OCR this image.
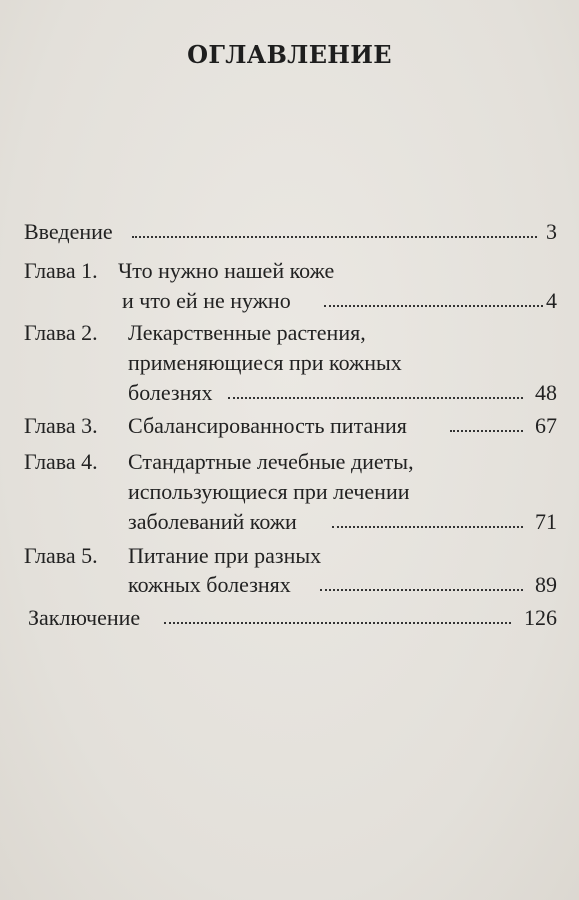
ОГЛАВЛЕНИЕ
Введение	3
Глава 1. Что нужно нашей коже
и что ей не нужно	4
Глава 2. Лекарственные растения,
применяющиеся при кожных
болезнях	48
Глава 3. Сбалансированность питания	67
Глава 4. Стандартные лечебные диеты,
использующиеся при лечении
заболеваний кожи	71
Глава 5. Питание при разных
кожных болезнях	89
Заключение	126
